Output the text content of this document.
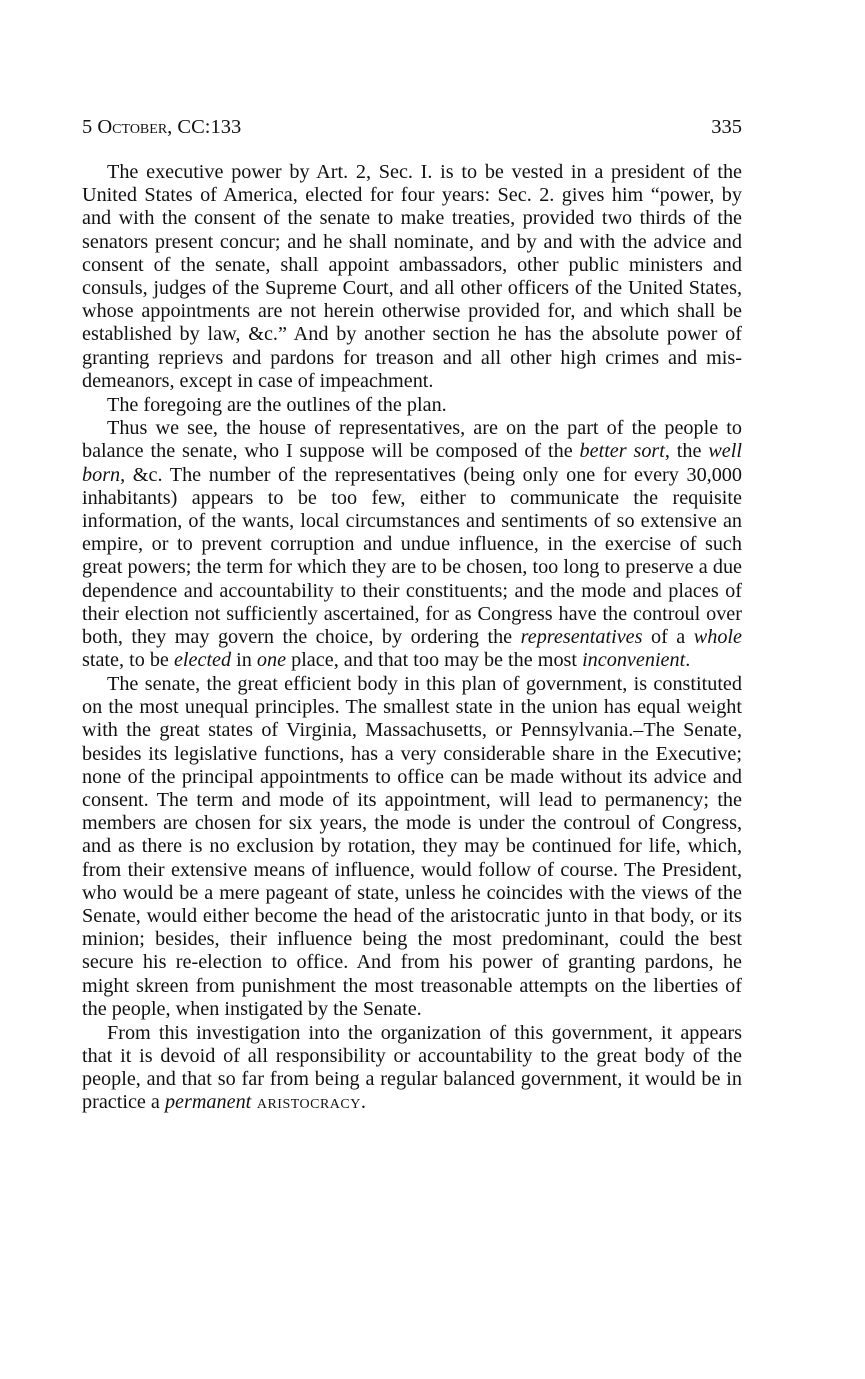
5 October, CC:133	335

The executive power by Art. 2, Sec. I. is to be vested in a president of the United States of America, elected for four years: Sec. 2. gives him “power, by and with the consent of the senate to make treaties, provided two thirds of the senators present concur; and he shall nominate, and by and with the advice and consent of the senate, shall appoint ambassadors, other public ministers and consuls, judges of the Supreme Court, and all other officers of the United States, whose appointments are not herein otherwise provided for, and which shall be established by law, &c.” And by another section he has the absolute power of granting reprievs and pardons for treason and all other high crimes and misdemeanors, except in case of impeachment.

The foregoing are the outlines of the plan.

Thus we see, the house of representatives, are on the part of the people to balance the senate, who I suppose will be composed of the better sort, the well born, &c. The number of the representatives (being only one for every 30,000 inhabitants) appears to be too few, either to communicate the requisite information, of the wants, local circumstances and sentiments of so extensive an empire, or to prevent corruption and undue influence, in the exercise of such great powers; the term for which they are to be chosen, too long to preserve a due dependence and accountability to their constituents; and the mode and places of their election not sufficiently ascertained, for as Congress have the controul over both, they may govern the choice, by ordering the representatives of a whole state, to be elected in one place, and that too may be the most inconvenient.

The senate, the great efficient body in this plan of government, is constituted on the most unequal principles. The smallest state in the union has equal weight with the great states of Virginia, Massachusetts, or Pennsylvania.–The Senate, besides its legislative functions, has a very considerable share in the Executive; none of the principal appointments to office can be made without its advice and consent. The term and mode of its appointment, will lead to permanency; the members are chosen for six years, the mode is under the controul of Congress, and as there is no exclusion by rotation, they may be continued for life, which, from their extensive means of influence, would follow of course. The President, who would be a mere pageant of state, unless he coincides with the views of the Senate, would either become the head of the aristocratic junto in that body, or its minion; besides, their influence being the most predominant, could the best secure his re-election to office. And from his power of granting pardons, he might skreen from punishment the most treasonable attempts on the liberties of the people, when instigated by the Senate.

From this investigation into the organization of this government, it appears that it is devoid of all responsibility or accountability to the great body of the people, and that so far from being a regular balanced government, it would be in practice a permanent aristocracy.
